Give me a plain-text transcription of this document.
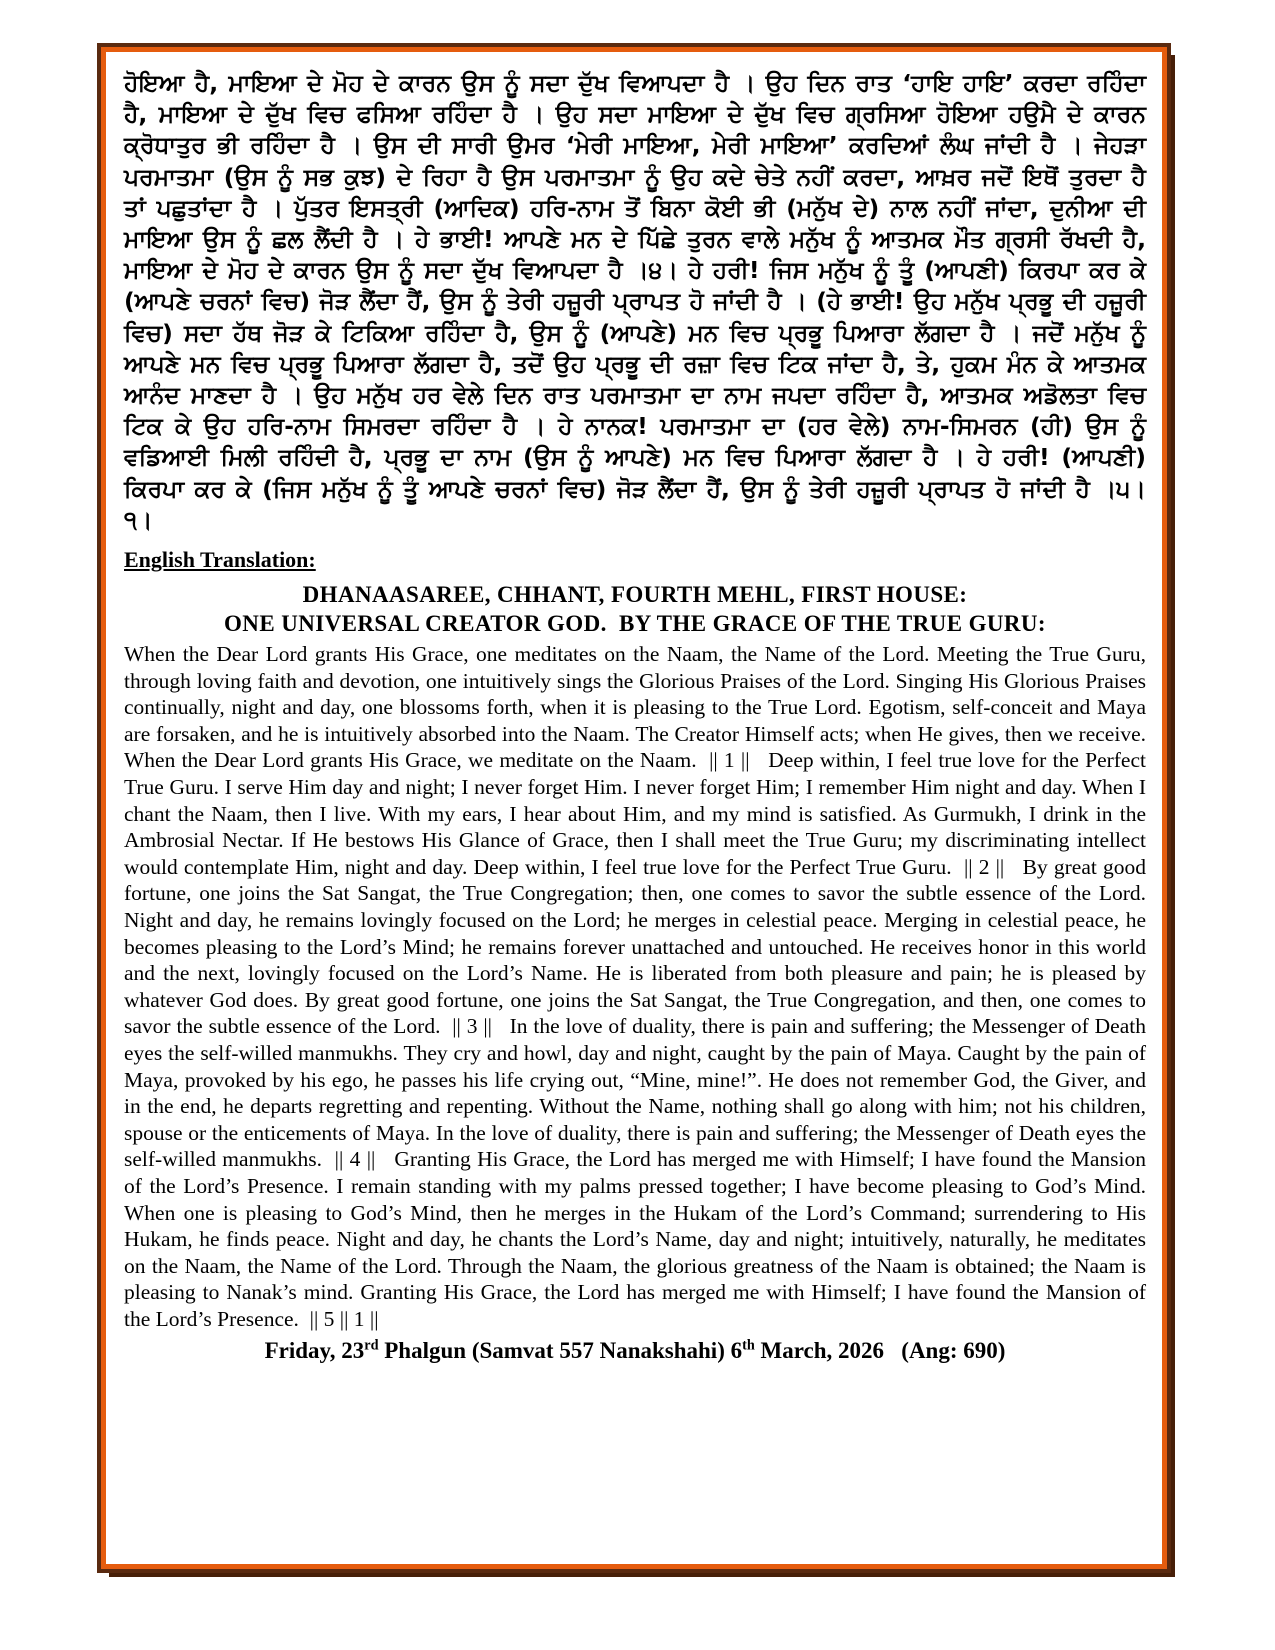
ਹੋਇਆ ਹੈ, ਮਾਇਆ ਦੇ ਮੋਹ ਦੇ ਕਾਰਨ ਉਸ ਨੂੰ ਸਦਾ ਦੁੱਖ ਵਿਆਪਦਾ ਹੈ । ਉਹ ਦਿਨ ਰਾਤ ‘ਹਾਇ ਹਾਇ’ ਕਰਦਾ ਰਹਿੰਦਾ ਹੈ, ਮਾਇਆ ਦੇ ਦੁੱਖ ਵਿਚ ਫਸਿਆ ਰਹਿੰਦਾ ਹੈ । ਉਹ ਸਦਾ ਮਾਇਆ ਦੇ ਦੁੱਖ ਵਿਚ ਗ੍ਰਸਿਆ ਹੋਇਆ ਹਉਮੈ ਦੇ ਕਾਰਨ ਕ੍ਰੋਧਾਤੁਰ ਭੀ ਰਹਿੰਦਾ ਹੈ । ਉਸ ਦੀ ਸਾਰੀ ਉਮਰ ‘ਮੇਰੀ ਮਾਇਆ, ਮੇਰੀ ਮਾਇਆ’ ਕਰਦਿਆਂ ਲੰਘ ਜਾਂਦੀ ਹੈ । ਜੇਹੜਾ ਪਰਮਾਤਮਾ (ਉਸ ਨੂੰ ਸਭ ਕੁਝ) ਦੇ ਰਿਹਾ ਹੈ ਉਸ ਪਰਮਾਤਮਾ ਨੂੰ ਉਹ ਕਦੇ ਚੇਤੇ ਨਹੀਂ ਕਰਦਾ, ਆਖ਼ਰ ਜਦੋਂ ਇਥੋਂ ਤੁਰਦਾ ਹੈ ਤਾਂ ਪਛੁਤਾਂਦਾ ਹੈ । ਪੁੱਤਰ ਇਸਤ੍ਰੀ (ਆਦਿਕ) ਹਰਿ-ਨਾਮ ਤੋਂ ਬਿਨਾ ਕੋਈ ਭੀ (ਮਨੁੱਖ ਦੇ) ਨਾਲ ਨਹੀਂ ਜਾਂਦਾ, ਦੁਨੀਆ ਦੀ ਮਾਇਆ ਉਸ ਨੂੰ ਛਲ ਲੈਂਦੀ ਹੈ । ਹੇ ਭਾਈ! ਆਪਣੇ ਮਨ ਦੇ ਪਿੱਛੇ ਤੁਰਨ ਵਾਲੇ ਮਨੁੱਖ ਨੂੰ ਆਤਮਕ ਮੌਤ ਗ੍ਰਸੀ ਰੱਖਦੀ ਹੈ, ਮਾਇਆ ਦੇ ਮੋਹ ਦੇ ਕਾਰਨ ਉਸ ਨੂੰ ਸਦਾ ਦੁੱਖ ਵਿਆਪਦਾ ਹੈ ।੪। ਹੇ ਹਰੀ! ਜਿਸ ਮਨੁੱਖ ਨੂੰ ਤੂੰ (ਆਪਣੀ) ਕਿਰਪਾ ਕਰ ਕੇ (ਆਪਣੇ ਚਰਨਾਂ ਵਿਚ) ਜੋੜ ਲੈਂਦਾ ਹੈਂ, ਉਸ ਨੂੰ ਤੇਰੀ ਹਜ਼ੂਰੀ ਪ੍ਰਾਪਤ ਹੋ ਜਾਂਦੀ ਹੈ । (ਹੇ ਭਾਈ! ਉਹ ਮਨੁੱਖ ਪ੍ਰਭੂ ਦੀ ਹਜ਼ੂਰੀ ਵਿਚ) ਸਦਾ ਹੱਥ ਜੋੜ ਕੇ ਟਿਕਿਆ ਰਹਿੰਦਾ ਹੈ, ਉਸ ਨੂੰ (ਆਪਣੇ) ਮਨ ਵਿਚ ਪ੍ਰਭੂ ਪਿਆਰਾ ਲੱਗਦਾ ਹੈ । ਜਦੋਂ ਮਨੁੱਖ ਨੂੰ ਆਪਣੇ ਮਨ ਵਿਚ ਪ੍ਰਭੂ ਪਿਆਰਾ ਲੱਗਦਾ ਹੈ, ਤਦੋਂ ਉਹ ਪ੍ਰਭੂ ਦੀ ਰਜ਼ਾ ਵਿਚ ਟਿਕ ਜਾਂਦਾ ਹੈ, ਤੇ, ਹੁਕਮ ਮੰਨ ਕੇ ਆਤਮਕ ਆਨੰਦ ਮਾਣਦਾ ਹੈ । ਉਹ ਮਨੁੱਖ ਹਰ ਵੇਲੇ ਦਿਨ ਰਾਤ ਪਰਮਾਤਮਾ ਦਾ ਨਾਮ ਜਪਦਾ ਰਹਿੰਦਾ ਹੈ, ਆਤਮਕ ਅਡੋਲਤਾ ਵਿਚ ਟਿਕ ਕੇ ਉਹ ਹਰਿ-ਨਾਮ ਸਿਮਰਦਾ ਰਹਿੰਦਾ ਹੈ । ਹੇ ਨਾਨਕ! ਪਰਮਾਤਮਾ ਦਾ (ਹਰ ਵੇਲੇ) ਨਾਮ-ਸਿਮਰਨ (ਹੀ) ਉਸ ਨੂੰ ਵਡਿਆਈ ਮਿਲੀ ਰਹਿੰਦੀ ਹੈ, ਪ੍ਰਭੂ ਦਾ ਨਾਮ (ਉਸ ਨੂੰ ਆਪਣੇ) ਮਨ ਵਿਚ ਪਿਆਰਾ ਲੱਗਦਾ ਹੈ । ਹੇ ਹਰੀ! (ਆਪਣੀ) ਕਿਰਪਾ ਕਰ ਕੇ (ਜਿਸ ਮਨੁੱਖ ਨੂੰ ਤੂੰ ਆਪਣੇ ਚਰਨਾਂ ਵਿਚ) ਜੋੜ ਲੈਂਦਾ ਹੈਂ, ਉਸ ਨੂੰ ਤੇਰੀ ਹਜ਼ੂਰੀ ਪ੍ਰਾਪਤ ਹੋ ਜਾਂਦੀ ਹੈ ।੫।੧।
English Translation:
DHANAASAREE, CHHANT, FOURTH MEHL, FIRST HOUSE:
ONE UNIVERSAL CREATOR GOD.  BY THE GRACE OF THE TRUE GURU:
When the Dear Lord grants His Grace, one meditates on the Naam, the Name of the Lord. Meeting the True Guru, through loving faith and devotion, one intuitively sings the Glorious Praises of the Lord. Singing His Glorious Praises continually, night and day, one blossoms forth, when it is pleasing to the True Lord. Egotism, self-conceit and Maya are forsaken, and he is intuitively absorbed into the Naam. The Creator Himself acts; when He gives, then we receive. When the Dear Lord grants His Grace, we meditate on the Naam.  || 1 ||   Deep within, I feel true love for the Perfect True Guru. I serve Him day and night; I never forget Him. I never forget Him; I remember Him night and day. When I chant the Naam, then I live. With my ears, I hear about Him, and my mind is satisfied. As Gurmukh, I drink in the Ambrosial Nectar. If He bestows His Glance of Grace, then I shall meet the True Guru; my discriminating intellect would contemplate Him, night and day. Deep within, I feel true love for the Perfect True Guru.  || 2 ||   By great good fortune, one joins the Sat Sangat, the True Congregation; then, one comes to savor the subtle essence of the Lord. Night and day, he remains lovingly focused on the Lord; he merges in celestial peace. Merging in celestial peace, he becomes pleasing to the Lord’s Mind; he remains forever unattached and untouched. He receives honor in this world and the next, lovingly focused on the Lord’s Name. He is liberated from both pleasure and pain; he is pleased by whatever God does. By great good fortune, one joins the Sat Sangat, the True Congregation, and then, one comes to savor the subtle essence of the Lord.  || 3 ||   In the love of duality, there is pain and suffering; the Messenger of Death eyes the self-willed manmukhs. They cry and howl, day and night, caught by the pain of Maya. Caught by the pain of Maya, provoked by his ego, he passes his life crying out, “Mine, mine!”. He does not remember God, the Giver, and in the end, he departs regretting and repenting. Without the Name, nothing shall go along with him; not his children, spouse or the enticements of Maya. In the love of duality, there is pain and suffering; the Messenger of Death eyes the self-willed manmukhs.  || 4 ||   Granting His Grace, the Lord has merged me with Himself; I have found the Mansion of the Lord’s Presence. I remain standing with my palms pressed together; I have become pleasing to God’s Mind. When one is pleasing to God’s Mind, then he merges in the Hukam of the Lord’s Command; surrendering to His Hukam, he finds peace. Night and day, he chants the Lord’s Name, day and night; intuitively, naturally, he meditates on the Naam, the Name of the Lord. Through the Naam, the glorious greatness of the Naam is obtained; the Naam is pleasing to Nanak’s mind. Granting His Grace, the Lord has merged me with Himself; I have found the Mansion of the Lord’s Presence.  || 5 || 1 ||
Friday, 23rd Phalgun (Samvat 557 Nanakshahi) 6th March, 2026   (Ang: 690)
